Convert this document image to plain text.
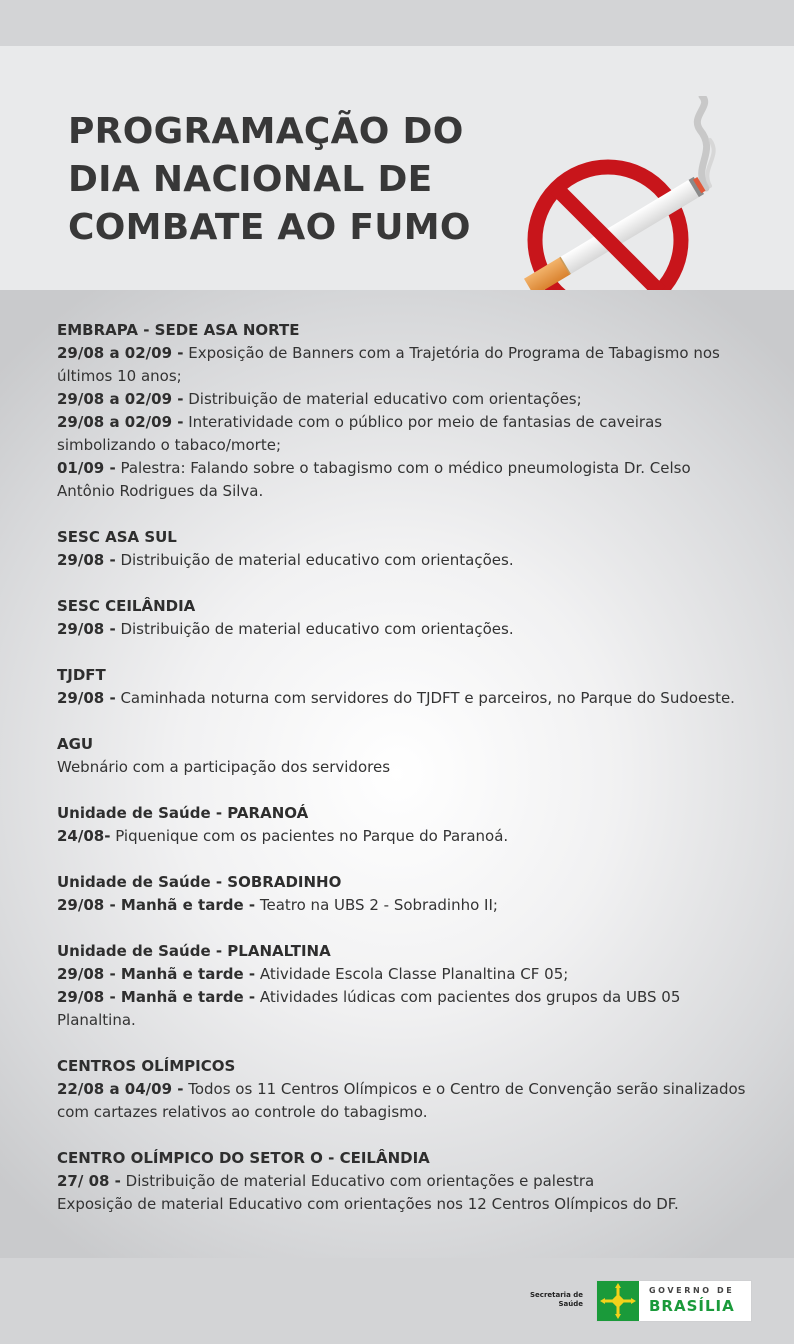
PROGRAMAÇÃO DO
DIA NACIONAL DE
COMBATE AO FUMO
EMBRAPA - SEDE ASA NORTE
29/08 a 02/09 - Exposição de Banners com a Trajetória do Programa de Tabagismo nos últimos 10 anos;
29/08 a 02/09 - Distribuição de material educativo com orientações;
29/08 a 02/09 - Interatividade com o público por meio de fantasias de caveiras simbolizando o tabaco/morte;
01/09 - Palestra: Falando sobre o tabagismo com o médico pneumologista Dr. Celso Antônio Rodrigues da Silva.
SESC ASA SUL
29/08 - Distribuição de material educativo com orientações.
SESC CEILÂNDIA
29/08 - Distribuição de material educativo com orientações.
TJDFT
29/08 - Caminhada noturna com servidores do TJDFT e parceiros, no Parque do Sudoeste.
AGU
Webnário com a participação dos servidores
Unidade de Saúde - PARANOÁ
24/08- Piquenique com os pacientes no Parque do Paranoá.
Unidade de Saúde - SOBRADINHO
29/08 - Manhã e tarde - Teatro na UBS 2 - Sobradinho II;
Unidade de Saúde - PLANALTINA
29/08 - Manhã e tarde - Atividade Escola Classe Planaltina CF 05;
29/08 - Manhã e tarde - Atividades lúdicas com pacientes dos grupos da UBS 05 Planaltina.
CENTROS OLÍMPICOS
22/08 a 04/09 - Todos os 11 Centros Olímpicos e o Centro de Convenção serão sinalizados com cartazes relativos ao controle do tabagismo.
CENTRO OLÍMPICO DO SETOR O - CEILÂNDIA
27/ 08 - Distribuição de material Educativo com orientações e palestra
Exposição de material Educativo com orientações nos 12 Centros Olímpicos do DF.
Secretaria de
Saúde
GOVERNO DE
BRASÍLIA
